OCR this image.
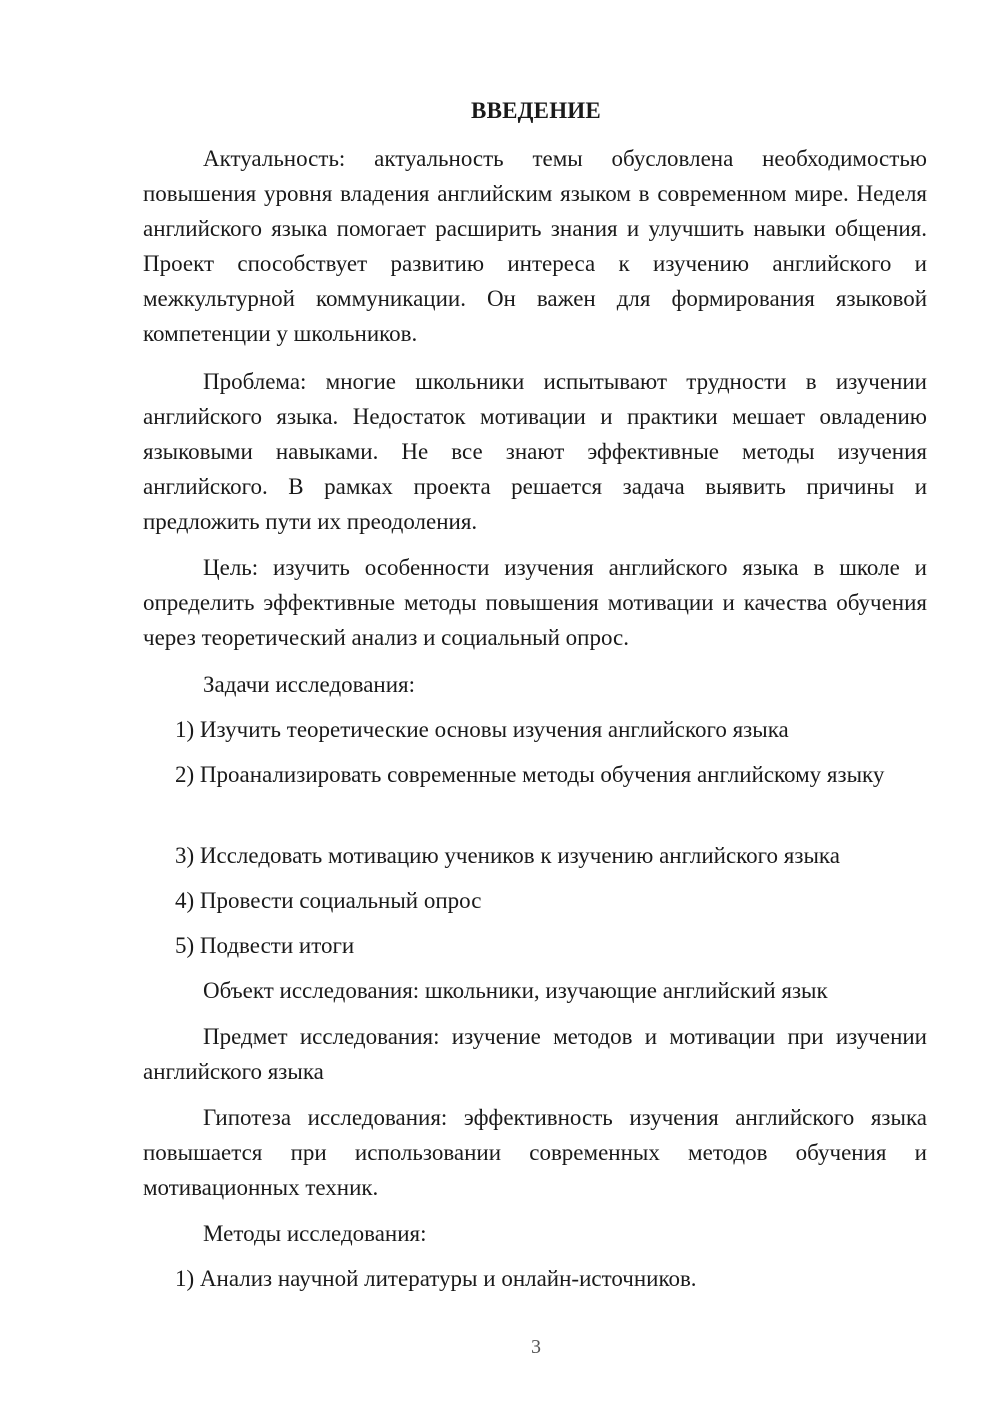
ВВЕДЕНИЕ

Актуальность: актуальность темы обусловлена необходимостью повышения уровня владения английским языком в современном мире. Неделя английского языка помогает расширить знания и улучшить навыки общения. Проект способствует развитию интереса к изучению английского и межкультурной коммуникации. Он важен для формирования языковой компетенции у школьников.

Проблема: многие школьники испытывают трудности в изучении английского языка. Недостаток мотивации и практики мешает овладению языковыми навыками. Не все знают эффективные методы изучения английского. В рамках проекта решается задача выявить причины и предложить пути их преодоления.

Цель: изучить особенности изучения английского языка в школе и определить эффективные методы повышения мотивации и качества обучения через теоретический анализ и социальный опрос.

Задачи исследования:

1) Изучить теоретические основы изучения английского языка

2) Проанализировать современные методы обучения английскому языку

3) Исследовать мотивацию учеников к изучению английского языка

4) Провести социальный опрос

5) Подвести итоги

Объект исследования: школьники, изучающие английский язык

Предмет исследования: изучение методов и мотивации при изучении английского языка

Гипотеза исследования: эффективность изучения английского языка повышается при использовании современных методов обучения и мотивационных техник.

Методы исследования:

1) Анализ научной литературы и онлайн-источников.

3
